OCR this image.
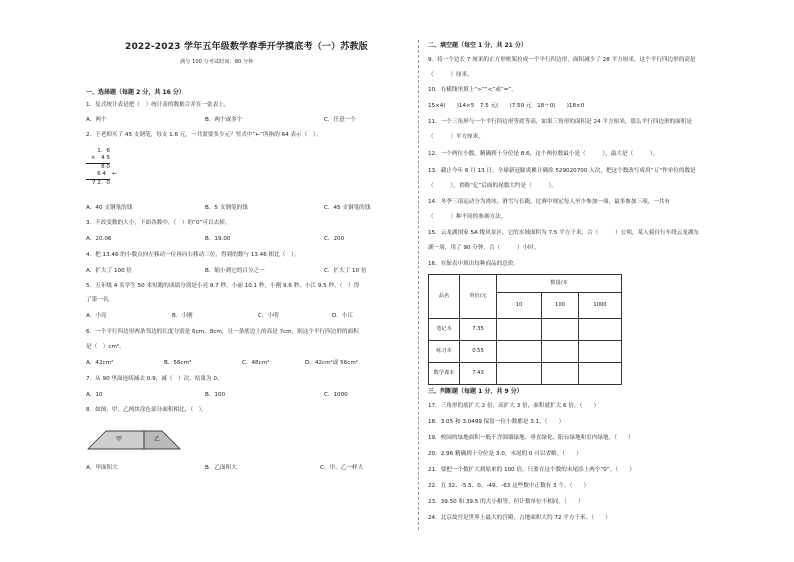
2022-2023 学年五年级数学春季开学摸底考（一）苏教版
满分 100 分考试时间：80 分钟
一、选择题（每题 2 分，共 16 分）
1．复式统计表是把（　）统计表的数据合并在一张表上。
A．两个	B．两个或多个	C．任意一个
2．王老师买了 45 支钢笔，每支 1.6 元，一共需要多少元？竖式中“←”所指的 64 表示（　）。
1．6
×　4 5
8 0
6 4 ←
7 2．0
A．40 支钢笔的钱	B．5 支钢笔的钱	C．45 支钢笔的钱
3．不改变数的大小，下面各数中，（　）的“0”可以去掉。
A．20.06	B．19.00	C．200
4．把 13.46 的小数点向左移动一位再向右移动三位，得到的数与 13.46 相比（　）。
A．扩大了 100 倍	B．缩小到它的百分之一	C．扩大了 10 倍
5．五年级 4 名学生 50 米短跑的成绩分别是小亮 9.7 秒，小丽 10.1 秒，小刚 9.6 秒，小江 9.5 秒，（　）得
了第一名。
A．小亮	B．小刚	C．小明	D．小江
6．一个平行四边形两条邻边的长度分别是 6cm、8cm，且一条底边上的高是 7cm，则这个平行四边形的面积
是（　）cm²。
A．42cm²	B．56cm²	C．48cm²	D．42cm²或 56cm²
7．从 90 里面连续减去 0.9，减（　）次，结果为 0。
A．10	B．100	C．1000
8．如图，甲、乙两块涂色部分面积相比，（　）。
甲	乙
A．甲面积大	B．乙面积大	C．甲、乙一样大
二、填空题（每空 1 分，共 21 分）
9．将一个边长 7 厘米的正方形框架拉成一个平行四边形，面积减少了 28 平方厘米，这个平行四边形的高是
（　　　）厘米。
10．在横线里填上“>”“<”或“=”。
15×4(　　)14×5　7.5 元(　　)7.50 元　18＋0(　　)18×0
11．一个三角形与一个平行四边形等底等高，如果三角形的面积是 24 平方厘米，那么平行四边形的面积是
（　　　）平方厘米。
12．一个两位小数，精确到十分位是 8.6，这个两位数最小是（　　　），最大是（　　　）。
13．截止今年 6 月 13 日，全球新冠肺炎累计确诊 529020700 人次，把这个数改写成用“万”作单位的数是
（　　　），省略“亿”后面的尾数大约是（　　　）。
14．冬季三项运动分为滑冰、滑雪与长跑，比赛中规定每人至少参加一项，最多参加三项，一共有
（　　　）种不同的参赛方法。
15．云龙湖国家 5A 级风景区，它的水域面积为 7.5 平方千米，合（　　　）公顷，某人骑自行车绕云龙湖东
湖一周，用了 90 分钟，合（　　　）小时。
16．在如表中填出每种商品的总价。
品名	单价/元	数量/本		
		10	100	1000
笔记本	7.35			
练习本	0.55			
数学课本	7.43			
三、判断题（每题 1 分，共 9 分）
17．三角形的底扩大 2 倍，高扩大 3 倍，面积就扩大 6 倍。（　　）
18．3.05 和 3.0499 保留一位小数都是 3.1。（　　）
19．校园的绿地面积一般不含围墙绿地、垂直绿化、阳台绿地和室内绿地。（　　）
20．2.96 精确到十分位是 3.0，末尾的 0 可以省略。（　　）
21．要把一个数扩大到原来的 100 倍，只要在这个数的末尾添上两个“0”。（　　）
22．在 32、-5.5、0、-49、-63 这些数中正数有 3 个。（　　）
23．39.50 和 39.5 的大小相等，但计数单位不相同。（　　）
24．北京故宫是世界上最大的宫殿，占地面积大约 72 平方千米。（　　）
